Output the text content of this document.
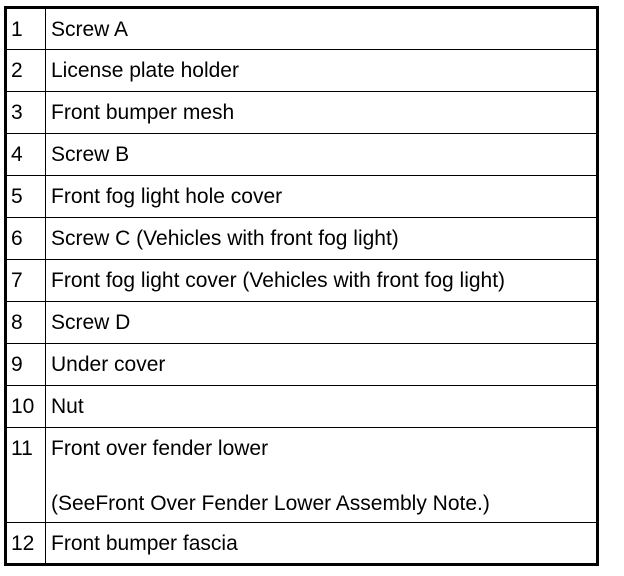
1	Screw A
2	License plate holder
3	Front bumper mesh
4	Screw B
5	Front fog light hole cover
6	Screw C (Vehicles with front fog light)
7	Front fog light cover (Vehicles with front fog light)
8	Screw D
9	Under cover
10	Nut
11	Front over fender lower
(SeeFront Over Fender Lower Assembly Note.)

12	Front bumper fascia
